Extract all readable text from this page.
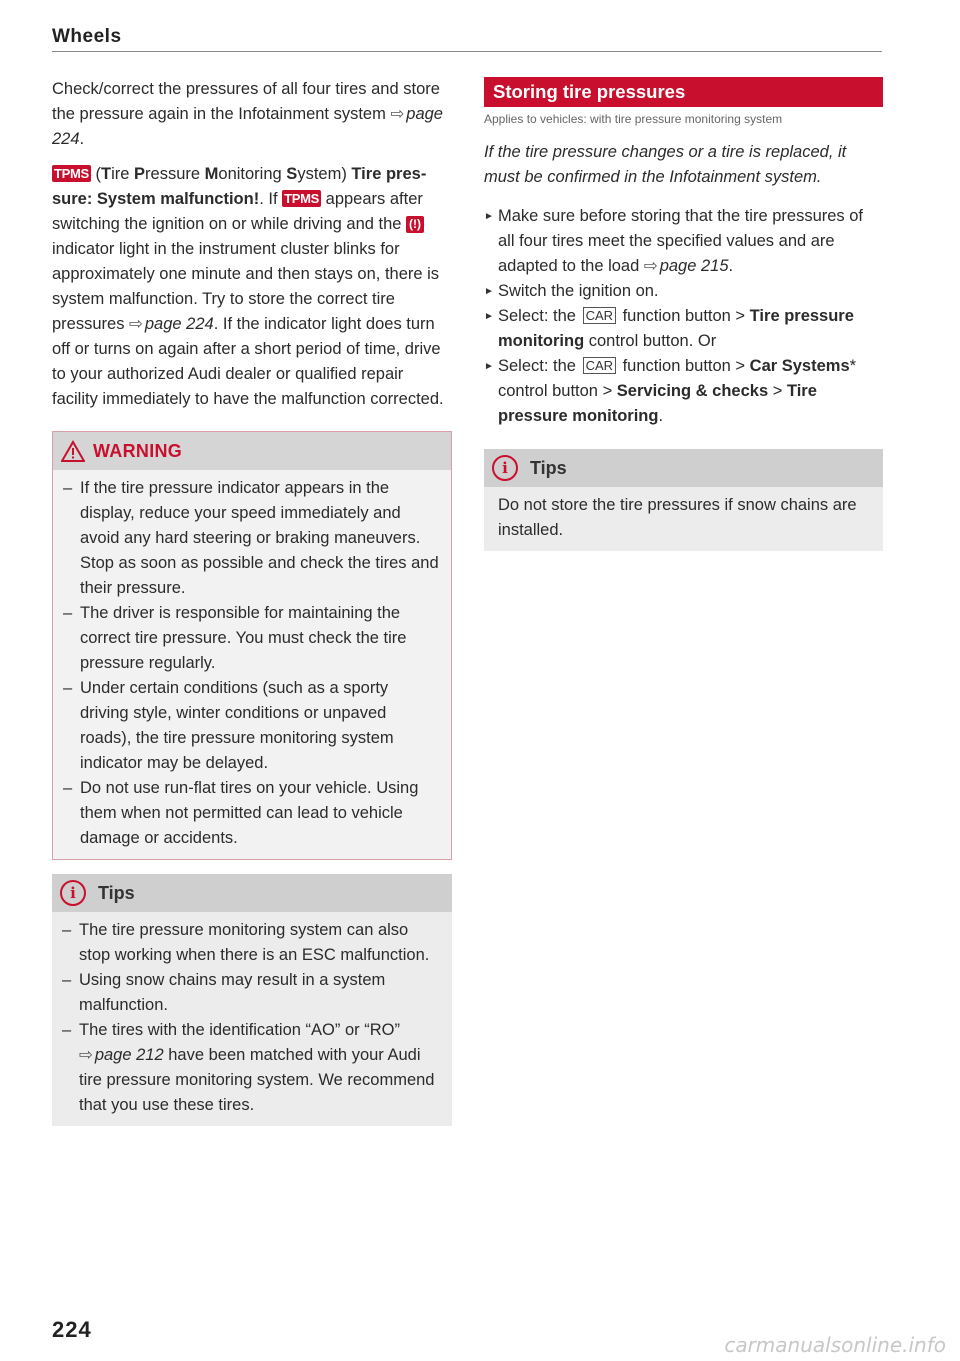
Wheels

Check/correct the pressures of all four tires and store the pressure again in the Infotainment system ⇨ page 224.

TPMS (Tire Pressure Monitoring System) Tire pressure: System malfunction!. If TPMS appears after switching the ignition on or while driving and the (!) indicator light in the instrument cluster blinks for approximately one minute and then stays on, there is system malfunction. Try to store the correct tire pressures ⇨ page 224. If the indicator light does turn off or turns on again after a short period of time, drive to your authorized Audi dealer or qualified repair facility immediately to have the malfunction corrected.

WARNING
– If the tire pressure indicator appears in the display, reduce your speed immediately and avoid any hard steering or braking maneuvers. Stop as soon as possible and check the tires and their pressure.
– The driver is responsible for maintaining the correct tire pressure. You must check the tire pressure regularly.
– Under certain conditions (such as a sporty driving style, winter conditions or unpaved roads), the tire pressure monitoring system indicator may be delayed.
– Do not use run-flat tires on your vehicle. Using them when not permitted can lead to vehicle damage or accidents.
i	Tips
– The tire pressure monitoring system can also stop working when there is an ESC malfunction.
– Using snow chains may result in a system malfunction.
– The tires with the identification “AO” or “RO” ⇨ page 212 have been matched with your Audi tire pressure monitoring system. We recommend that you use these tires.
Storing tire pressures
Applies to vehicles: with tire pressure monitoring system

If the tire pressure changes or a tire is replaced, it must be confirmed in the Infotainment system.

► Make sure before storing that the tire pressures of all four tires meet the specified values and are adapted to the load ⇨ page 215.
► Switch the ignition on.
► Select: the CAR function button > Tire pressure monitoring control button. Or
► Select: the CAR function button > Car Systems* control button > Servicing & checks > Tire pressure monitoring.
i	Tips

Do not store the tire pressures if snow chains are installed.

224
carmanualsonline.info
